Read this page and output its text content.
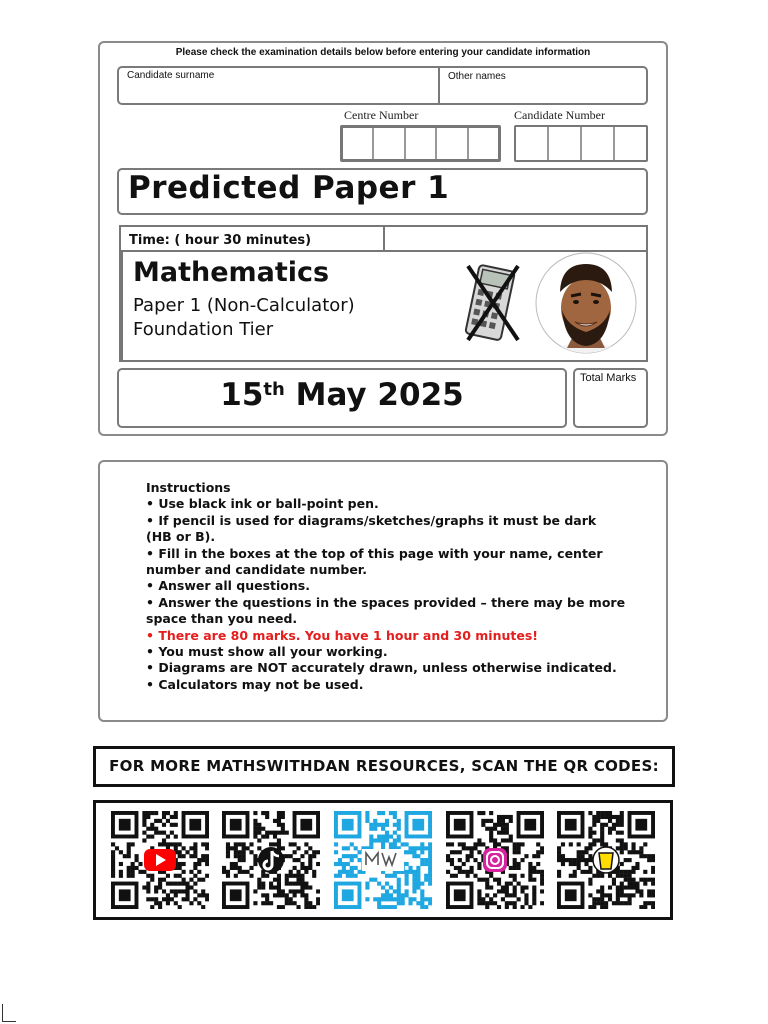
Please check the examination details below before entering your candidate information
Candidate surname	Other names
Centre Number	Candidate Number
Predicted Paper 1
Time: ( hour 30 minutes)
Mathematics
Paper 1 (Non-Calculator)
Foundation Tier
15th May 2025	Total Marks
Instructions
• Use black ink or ball-point pen.
• If pencil is used for diagrams/sketches/graphs it must be dark (HB or B).
• Fill in the boxes at the top of this page with your name, center number and candidate number.
• Answer all questions.
• Answer the questions in the spaces provided – there may be more space than you need.
• There are 80 marks. You have 1 hour and 30 minutes!
• You must show all your working.
• Diagrams are NOT accurately drawn, unless otherwise indicated.
• Calculators may not be used.
FOR MORE MATHSWITHDAN RESOURCES, SCAN THE QR CODES:
